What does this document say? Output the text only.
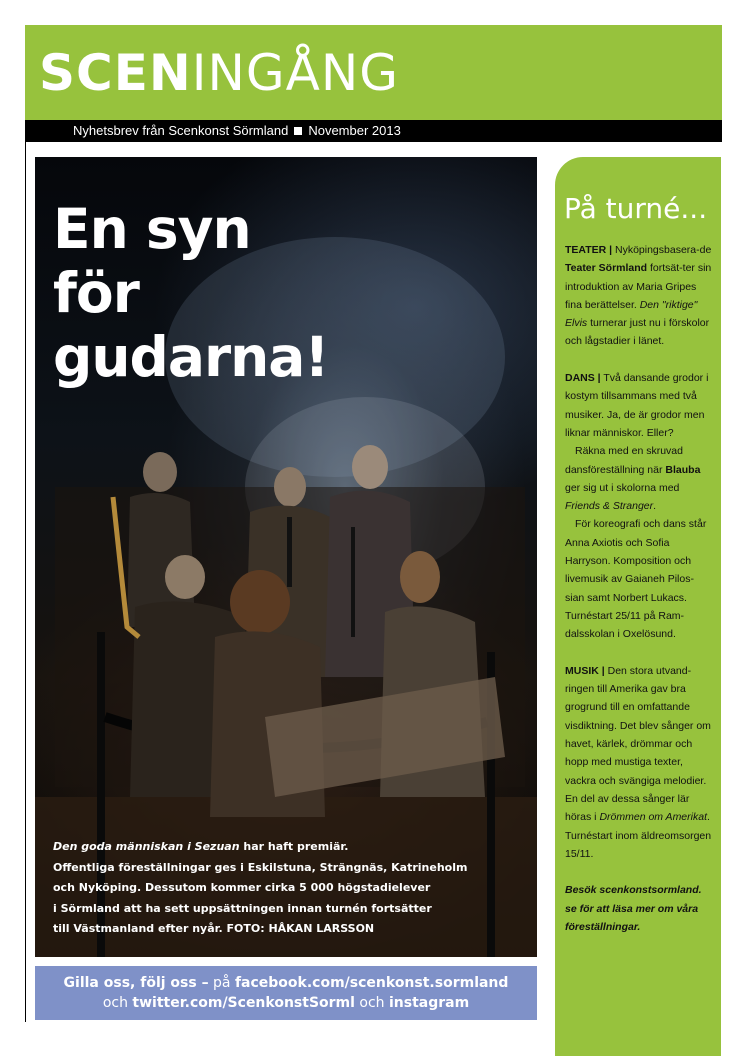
SCENINGÅNG
Nyhetsbrev från Scenkonst Sörmland November 2013
En syn
för
gudarna!
Den goda människan i Sezuan har haft premiär.
Offentliga föreställningar ges i Eskilstuna, Strängnäs, Katrineholm
och Nyköping. Dessutom kommer cirka 5 000 högstadielever
i Sörmland att ha sett uppsättningen innan turnén fortsätter
till Västmanland efter nyår. FOTO: HÅKAN LARSSON
Gilla oss, följ oss – på facebook.com/scenkonst.sormland
och twitter.com/ScenkonstSorml och instagram
På turné...

TEATER | Nyköpingsbasera-de Teater Sörmland fortsät-ter sin introduktion av Maria Gripes fina berättelser. Den "riktige" Elvis turnerar just nu i förskolor och lågstadier i länet.

DANS | Två dansande grodor i kostym tillsammans med två musiker. Ja, de är grodor men liknar människor. Eller?

Räkna med en skruvad dansföreställning när Blauba ger sig ut i skolorna med Friends & Stranger.

För koreografi och dans står Anna Axiotis och Sofia Harryson. Komposition och livemusik av Gaianeh Pilos-sian samt Norbert Lukacs. Turnéstart 25/11 på Ram-dalsskolan i Oxelösund.

MUSIK | Den stora utvand-ringen till Amerika gav bra grogrund till en omfattande visdiktning. Det blev sånger om havet, kärlek, drömmar och hopp med mustiga texter, vackra och svängiga melodier. En del av dessa sånger lär höras i Drömmen om Amerikat. Turnéstart inom äldreomsorgen 15/11.

Besök scenkonstsormland. se för att läsa mer om våra föreställningar.
